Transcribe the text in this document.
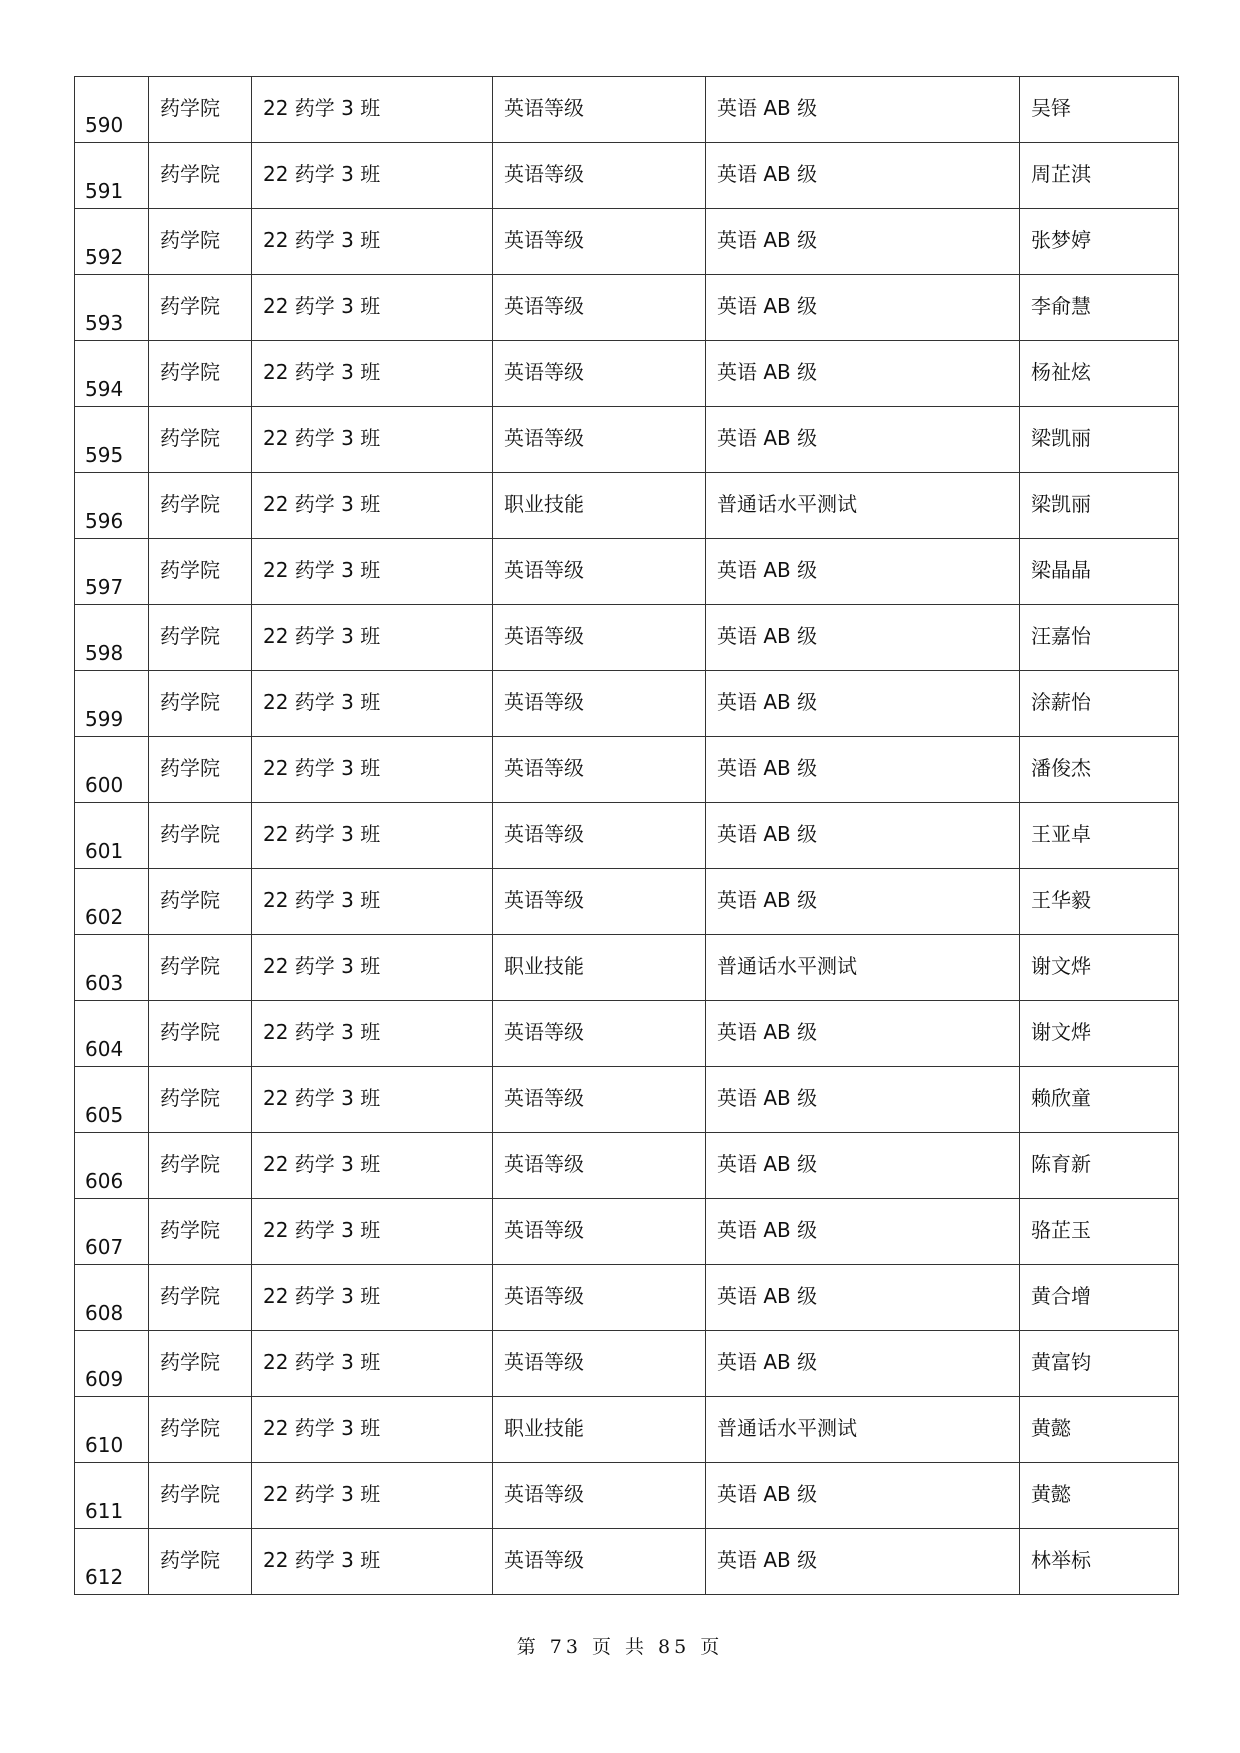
590	药学院	22 药学 3 班	英语等级	英语 AB 级	吴铎

591	药学院	22 药学 3 班	英语等级	英语 AB 级	周芷淇

592	药学院	22 药学 3 班	英语等级	英语 AB 级	张梦婷

593	药学院	22 药学 3 班	英语等级	英语 AB 级	李俞慧

594	药学院	22 药学 3 班	英语等级	英语 AB 级	杨祉炫

595	药学院	22 药学 3 班	英语等级	英语 AB 级	梁凯丽

596	药学院	22 药学 3 班	职业技能	普通话水平测试	梁凯丽

597	药学院	22 药学 3 班	英语等级	英语 AB 级	梁晶晶

598	药学院	22 药学 3 班	英语等级	英语 AB 级	汪嘉怡

599	药学院	22 药学 3 班	英语等级	英语 AB 级	涂薪怡

600	药学院	22 药学 3 班	英语等级	英语 AB 级	潘俊杰

601	药学院	22 药学 3 班	英语等级	英语 AB 级	王亚卓

602	药学院	22 药学 3 班	英语等级	英语 AB 级	王华毅

603	药学院	22 药学 3 班	职业技能	普通话水平测试	谢文烨

604	药学院	22 药学 3 班	英语等级	英语 AB 级	谢文烨

605	药学院	22 药学 3 班	英语等级	英语 AB 级	赖欣童

606	药学院	22 药学 3 班	英语等级	英语 AB 级	陈育新

607	药学院	22 药学 3 班	英语等级	英语 AB 级	骆芷玉

608	药学院	22 药学 3 班	英语等级	英语 AB 级	黄合增

609	药学院	22 药学 3 班	英语等级	英语 AB 级	黄富钧

610	药学院	22 药学 3 班	职业技能	普通话水平测试	黄懿

611	药学院	22 药学 3 班	英语等级	英语 AB 级	黄懿

612	药学院	22 药学 3 班	英语等级	英语 AB 级	林举标
第 73 页 共 85 页
